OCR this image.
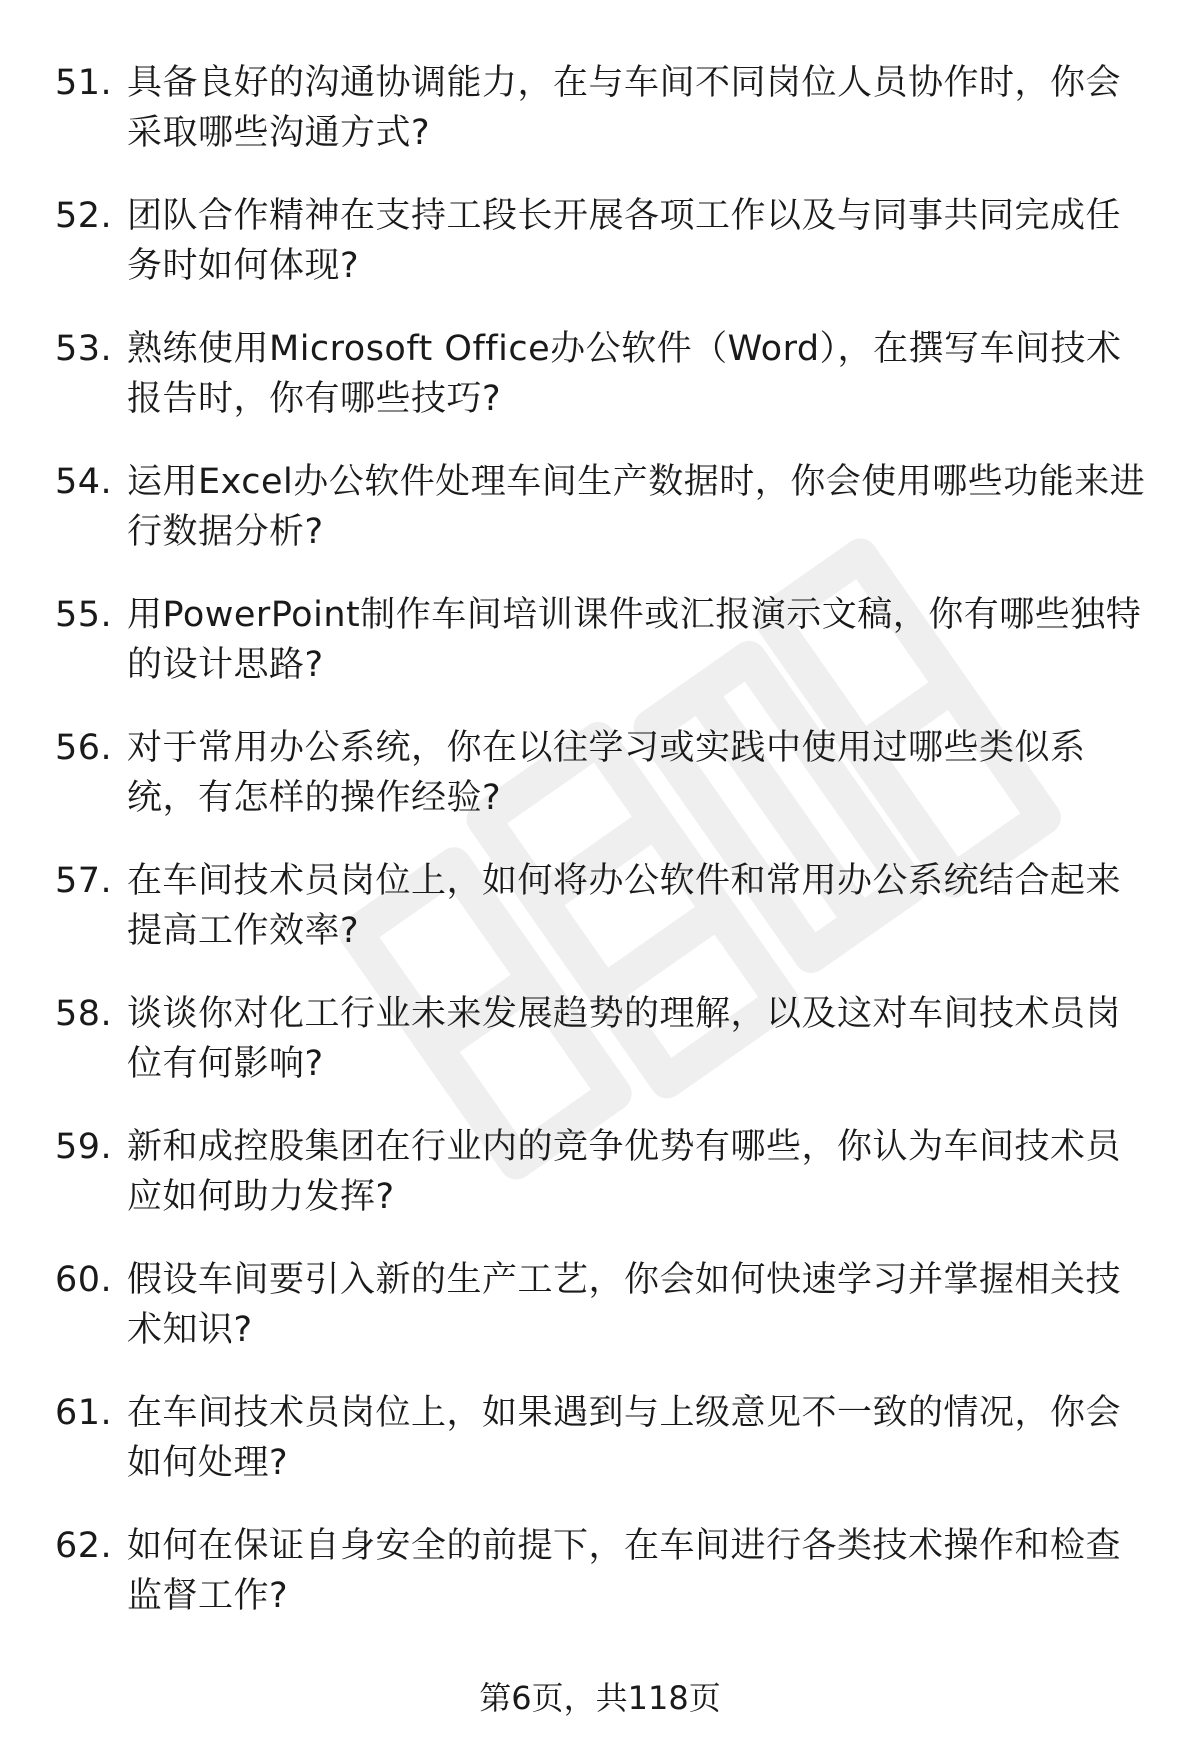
51. 具备良好的沟通协调能力，在与车间不同岗位人员协作时，你会采取哪些沟通方式?
52. 团队合作精神在支持工段长开展各项工作以及与同事共同完成任务时如何体现?
53. 熟练使用Microsoft Office办公软件（Word），在撰写车间技术报告时，你有哪些技巧?
54. 运用Excel办公软件处理车间生产数据时，你会使用哪些功能来进行数据分析?
55. 用PowerPoint制作车间培训课件或汇报演示文稿，你有哪些独特的设计思路?
56. 对于常用办公系统，你在以往学习或实践中使用过哪些类似系统，有怎样的操作经验?
57. 在车间技术员岗位上，如何将办公软件和常用办公系统结合起来提高工作效率?
58. 谈谈你对化工行业未来发展趋势的理解，以及这对车间技术员岗位有何影响?
59. 新和成控股集团在行业内的竞争优势有哪些，你认为车间技术员应如何助力发挥?
60. 假设车间要引入新的生产工艺，你会如何快速学习并掌握相关技术知识?
61. 在车间技术员岗位上，如果遇到与上级意见不一致的情况，你会如何处理?
62. 如何在保证自身安全的前提下，在车间进行各类技术操作和检查监督工作?
第6页，共118页
